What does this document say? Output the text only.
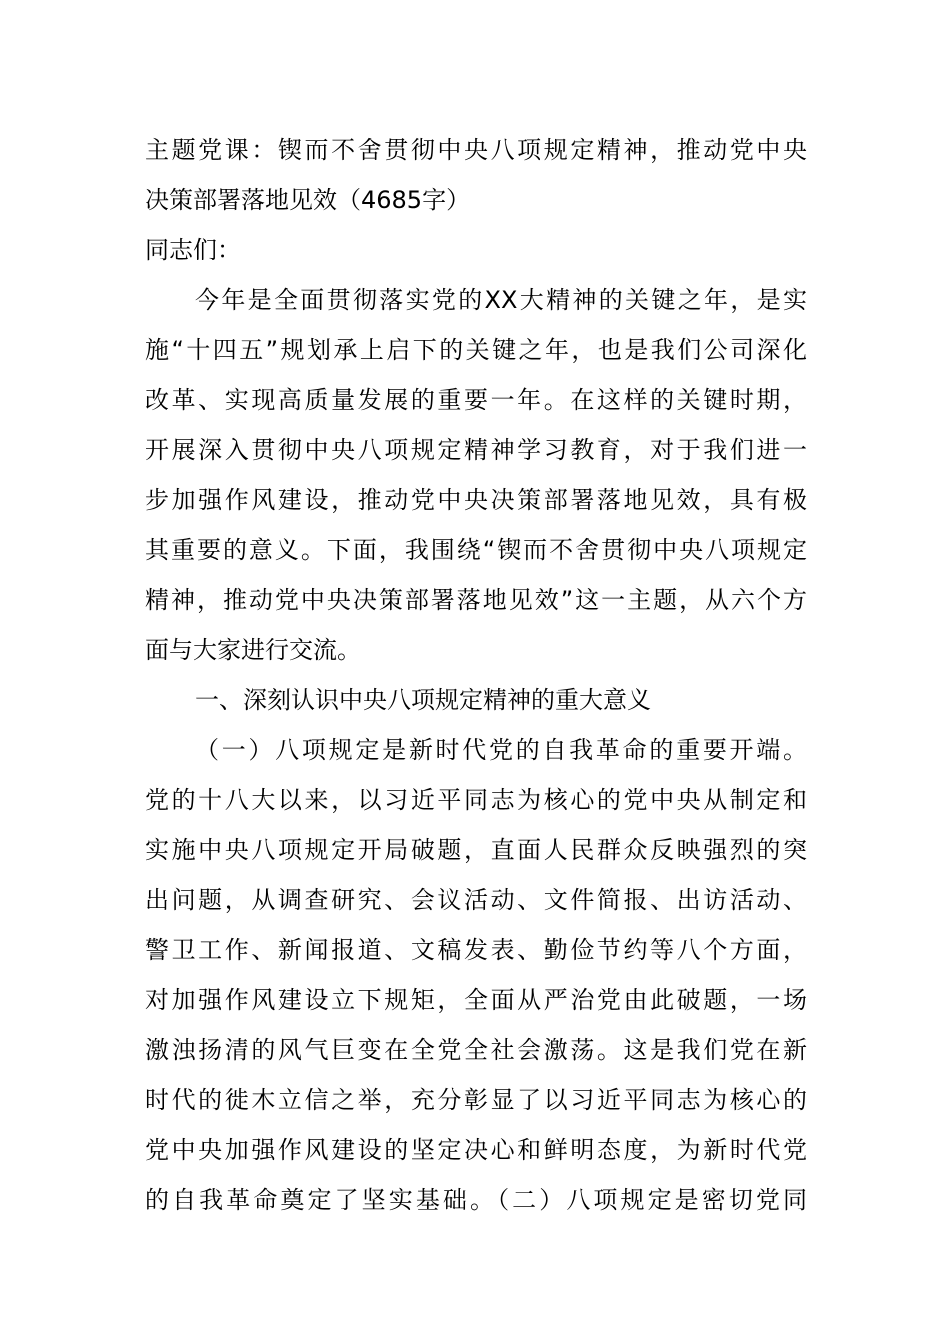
主题党课：锲而不舍贯彻中央八项规定精神，推动党中央
决策部署落地见效（4685字）
同志们：
今年是全面贯彻落实党的XX大精神的关键之年，是实
施“十四五”规划承上启下的关键之年，也是我们公司深化
改革、实现高质量发展的重要一年。在这样的关键时期，
开展深入贯彻中央八项规定精神学习教育，对于我们进一
步加强作风建设，推动党中央决策部署落地见效，具有极
其重要的意义。下面，我围绕“锲而不舍贯彻中央八项规定
精神，推动党中央决策部署落地见效”这一主题，从六个方
面与大家进行交流。
一、深刻认识中央八项规定精神的重大意义
（一）八项规定是新时代党的自我革命的重要开端。
党的十八大以来，以习近平同志为核心的党中央从制定和
实施中央八项规定开局破题，直面人民群众反映强烈的突
出问题，从调查研究、会议活动、文件简报、出访活动、
警卫工作、新闻报道、文稿发表、勤俭节约等八个方面，
对加强作风建设立下规矩，全面从严治党由此破题，一场
激浊扬清的风气巨变在全党全社会激荡。这是我们党在新
时代的徙木立信之举，充分彰显了以习近平同志为核心的
党中央加强作风建设的坚定决心和鲜明态度，为新时代党
的自我革命奠定了坚实基础。（二）八项规定是密切党同
